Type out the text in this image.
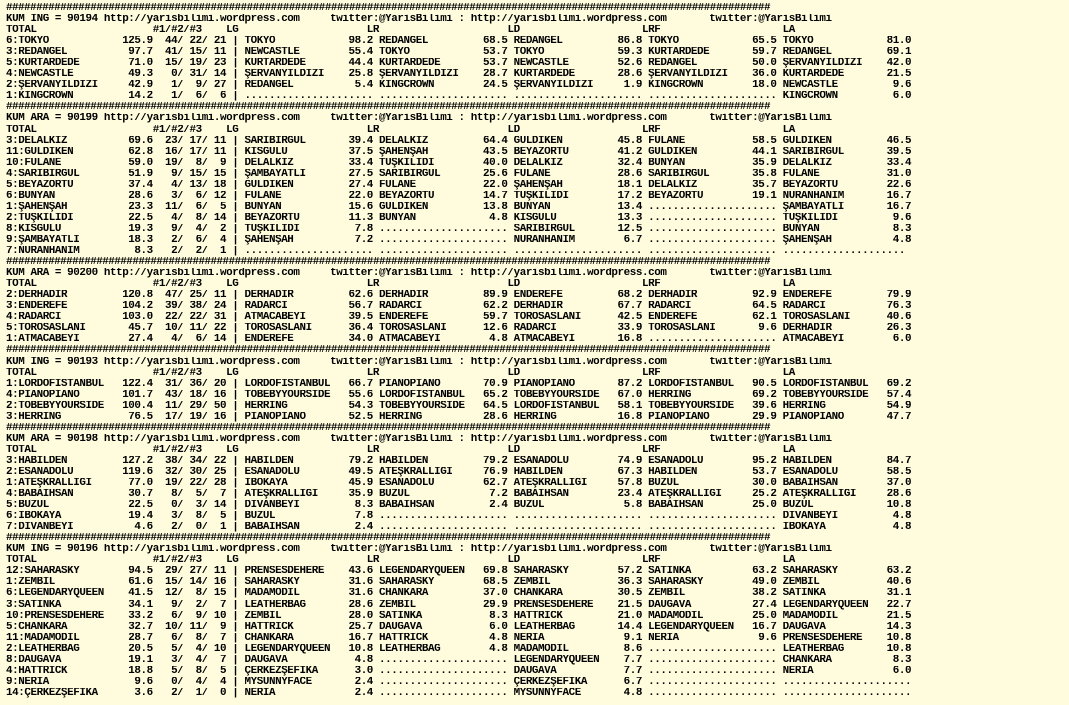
###############################################################################################################################
KUM ING = 90194 http://yarisbilimi.wordpress.com     twitter:@YarisBilimi : http://yarisbilimi.wordpress.com       twitter:@YarisBilimi
TOTAL                   #1/#2/#3    LG                     LR                     LD                    LRF                    LA
6:TOKYO            125.9  44/ 22/ 21 | TOKYO            98.2 REDANGEL         68.5 REDANGEL         86.8 TOKYO            65.5 TOKYO            81.0
3:REDANGEL          97.7  41/ 15/ 11 | NEWCASTLE        55.4 TOKYO            53.7 TOKYO            59.3 KURTARDEDE       59.7 REDANGEL         69.1
5:KURTARDEDE        71.0  15/ 19/ 23 | KURTARDEDE       44.4 KURTARDEDE       53.7 NEWCASTLE        52.6 REDANGEL         50.0 ŞERVANYILDIZI    42.0
4:NEWCASTLE         49.3   0/ 31/ 14 | ŞERVANYILDIZI    25.8 ŞERVANYILDIZI    28.7 KURTARDEDE       28.6 ŞERVANYILDIZI    36.0 KURTARDEDE       21.5
2:ŞERVANYILDIZI     42.9   1/  9/ 27 | REDANGEL          5.4 KINGCROWN        24.5 ŞERVANYILDIZI     1.9 KINGCROWN        18.0 NEWCASTLE         9.6
1:KINGCROWN         14.2   1/  6/  6 | ..................... ..................... ..................... ..................... KINGCROWN         6.0
###############################################################################################################################
KUM ARA = 90199 http://yarisbilimi.wordpress.com     twitter:@YarisBilimi : http://yarisbilimi.wordpress.com       twitter:@YarisBilimi
TOTAL                   #1/#2/#3    LG                     LR                     LD                    LRF                    LA
3:DELALKIZ          69.6  23/ 17/ 11 | SARIBİRGÜL       39.4 DELALKIZ         64.4 GÜLDİKEN         45.8 FÜLANE           58.5 GÜLDİKEN         46.5
11:GÜLDİKEN         62.8  16/ 17/ 11 | KISGÜLÜ          37.5 ŞAHENŞAH         43.5 BEYAZÖRTÜ        41.2 GÜLDİKEN         44.1 SARIBİRGÜL       39.5
10:FÜLANE           59.0  19/  8/  9 | DELALKIZ         33.4 TUŞKİLİDİ        40.0 DELALKIZ         32.4 BUNYAN           35.9 DELALKIZ         33.4
4:SARIBİRGÜL        51.9   9/ 15/ 15 | ŞAMBAYATLI       27.5 SARIBİRGÜL       25.6 FÜLANE           28.6 SARIBİRGÜL       35.8 FÜLANE           31.0
5:BEYAZÖRTÜ         37.4   4/ 13/ 18 | GÜLDİKEN         27.4 FÜLANE           22.0 ŞAHENŞAH         18.1 DELALKIZ         35.7 BEYAZÖRTÜ        22.6
6:BUNYAN            28.6   3/  6/ 12 | FÜLANE           22.0 BEYAZÖRTÜ        14.7 TUŞKİLİDİ        17.2 BEYAZÖRTÜ        19.1 NURANHANIM       16.7
1:ŞAHENŞAH          23.3  11/  6/  5 | BUNYAN           15.6 GÜLDİKEN         13.8 BUNYAN           13.4 ..................... ŞAMBAYATLI       16.7
2:TUŞKİLİDİ         22.5   4/  8/ 14 | BEYAZÖRTÜ        11.3 BUNYAN            4.8 KISGÜLÜ          13.3 ..................... TUŞKİLİDİ         9.6
8:KISGÜLÜ           19.3   9/  4/  2 | TUŞKİLİDİ         7.8 ..................... SARIBİRGÜL       12.5 ..................... BUNYAN            8.3
9:ŞAMBAYATLI        18.3   2/  6/  4 | ŞAHENŞAH          7.2 ..................... NURANHANIM        6.7 ..................... ŞAHENŞAH          4.8
7:NURANHANIM         8.3   2/  2/  1 | ..................... ..................... ..................... ..................... ....................
###############################################################################################################################
KUM ARA = 90200 http://yarisbilimi.wordpress.com     twitter:@YarisBilimi : http://yarisbilimi.wordpress.com       twitter:@YarisBilimi
TOTAL                   #1/#2/#3    LG                     LR                     LD                    LRF                    LA
2:DERHADIR         120.8  47/ 25/ 11 | DERHADIR         62.6 DERHADIR         89.9 ENDEREFE         68.2 DERHADIR         92.9 ENDEREFE         79.9
3:ENDEREFE         104.2  39/ 38/ 24 | RADARCI          56.7 RADARCI          62.2 DERHADIR         67.7 RADARCI          64.5 RADARCI          76.3
4:RADARCI          103.0  22/ 22/ 31 | ATMACABEYİ       39.5 ENDEREFE         59.7 TOROSASLANI      42.5 ENDEREFE         62.1 TOROSASLANI      40.6
5:TOROSASLANI       45.7  10/ 11/ 22 | TOROSASLANI      36.4 TOROSASLANI      12.6 RADARCI          33.9 TOROSASLANI       9.6 DERHADIR         26.3
1:ATMACABEYİ        27.4   4/  6/ 14 | ENDEREFE         34.0 ATMACABEYİ        4.8 ATMACABEYİ       16.8 ..................... ATMACABEYİ        6.0
###############################################################################################################################
KUM ING = 90193 http://yarisbilimi.wordpress.com     twitter:@YarisBilimi : http://yarisbilimi.wordpress.com       twitter:@YarisBilimi
TOTAL                   #1/#2/#3    LG                     LR                     LD                    LRF                    LA
1:LORDOFISTANBUL   122.4  31/ 36/ 20 | LORDOFISTANBUL   66.7 PİANOPİANO       70.9 PİANOPİANO       87.2 LORDOFISTANBUL   90.5 LORDOFISTANBUL   69.2
4:PİANOPİANO       101.7  43/ 18/ 16 | TOBEBYYOURSIDE   55.6 LORDOFISTANBUL   65.2 TOBEBYYOURSIDE   67.0 HERRING          69.2 TOBEBYYOURSIDE   57.4
2:TOBEBYYOURSIDE   100.4  11/ 29/ 50 | HERRING          54.3 TOBEBYYOURSIDE   64.5 LORDOFISTANBUL   58.1 TOBEBYYOURSIDE   39.6 HERRING          54.9
3:HERRING           76.5  17/ 19/ 16 | PİANOPİANO       52.5 HERRING          28.6 HERRING          16.8 PİANOPİANO       29.9 PİANOPİANO       47.7
###############################################################################################################################
KUM ARA = 90198 http://yarisbilimi.wordpress.com     twitter:@YarisBilimi : http://yarisbilimi.wordpress.com       twitter:@YarisBilimi
TOTAL                   #1/#2/#3    LG                     LR                     LD                    LRF                    LA
3:HABİLDEN         127.2  38/ 34/ 22 | HABİLDEN         79.2 HABİLDEN         79.2 ESANADOLU        74.9 ESANADOLU        95.2 HABİLDEN         84.7
2:ESANADOLU        119.6  32/ 30/ 25 | ESANADOLU        49.5 ATEŞKRALLIĞI     76.9 HABİLDEN         67.3 HABİLDEN         53.7 ESANADOLU        58.5
1:ATEŞKRALLIĞI      77.0  19/ 22/ 28 | İBOKAYA          45.9 ESANADOLU        62.7 ATEŞKRALLIĞI     57.8 BUZUL            30.0 BABAİHSAN        37.0
4:BABAİHSAN         30.7   8/  5/  7 | ATEŞKRALLIĞI     35.9 BUZUL             7.2 BABAİHSAN        23.4 ATEŞKRALLIĞI     25.2 ATEŞKRALLIĞI     28.6
5:BUZUL             22.5   0/  3/ 14 | DİVANBEYİ         8.3 BABAİHSAN         2.4 BUZUL             5.8 BABAİHSAN        25.0 BUZUL            10.8
6:İBOKAYA           19.4   3/  8/  5 | BUZUL             7.8 ..................... ..................... ..................... DİVANBEYİ         4.8
7:DİVANBEYİ          4.6   2/  0/  1 | BABAİHSAN         2.4 ..................... ..................... ..................... İBOKAYA           4.8
###############################################################################################################################
KUM ING = 90196 http://yarisbilimi.wordpress.com     twitter:@YarisBilimi : http://yarisbilimi.wordpress.com       twitter:@YarisBilimi
TOTAL                   #1/#2/#3    LG                     LR                     LD                    LRF                    LA
12:SAHARASKY        94.5  29/ 27/ 11 | PRENSESDEHERE    43.6 LEGENDARYQUEEN   69.8 SAHARASKY        57.2 SATINKA          63.2 SAHARASKY        63.2
1:ZEMBİL            61.6  15/ 14/ 16 | SAHARASKY        31.6 SAHARASKY        68.5 ZEMBİL           36.3 SAHARASKY        49.0 ZEMBİL           40.6
6:LEGENDARYQUEEN    41.5  12/  8/ 15 | MADAMODİL        31.6 CHANKARA         37.0 CHANKARA         30.5 ZEMBİL           38.2 SATINKA          31.1
3:SATINKA           34.1   9/  2/  7 | LEATHERBAG       28.6 ZEMBİL           29.9 PRENSESDEHERE    21.5 DAUGAVA          27.4 LEGENDARYQUEEN   22.7
10:PRENSESDEHERE    33.2   6/  9/ 10 | ZEMBİL           28.0 SATINKA           8.3 HATTRICK         21.0 MADAMODİL        25.0 MADAMODİL        21.5
5:CHANKARA          32.7  10/ 11/  9 | HATTRICK         25.7 DAUGAVA           6.0 LEATHERBAG       14.4 LEGENDARYQUEEN   16.7 DAUGAVA          14.3
11:MADAMODİL        28.7   6/  8/  7 | CHANKARA         16.7 HATTRICK          4.8 NERIA             9.1 NERIA             9.6 PRENSESDEHERE    10.8
2:LEATHERBAG        20.5   5/  4/ 10 | LEGENDARYQUEEN   10.8 LEATHERBAG        4.8 MADAMODİL         8.6 ..................... LEATHERBAG       10.8
8:DAUGAVA           19.1   3/  4/  7 | DAUGAVA           4.8 ..................... LEGENDARYQUEEN    7.7 ..................... CHANKARA          8.3
4:HATTRICK          18.8   5/  8/  5 | ÇERKEZŞEFİKA      3.0 ..................... DAUGAVA           7.7 ..................... NERIA             6.0
9:NERIA              9.6   0/  4/  4 | MYSUNNYFACE       2.4 ..................... ÇERKEZŞEFİKA      6.7 ..................... .....................
14:ÇERKEZŞEFİKA      3.6   2/  1/  0 | NERIA             2.4 ..................... MYSUNNYFACE       4.8 ..................... .....................
